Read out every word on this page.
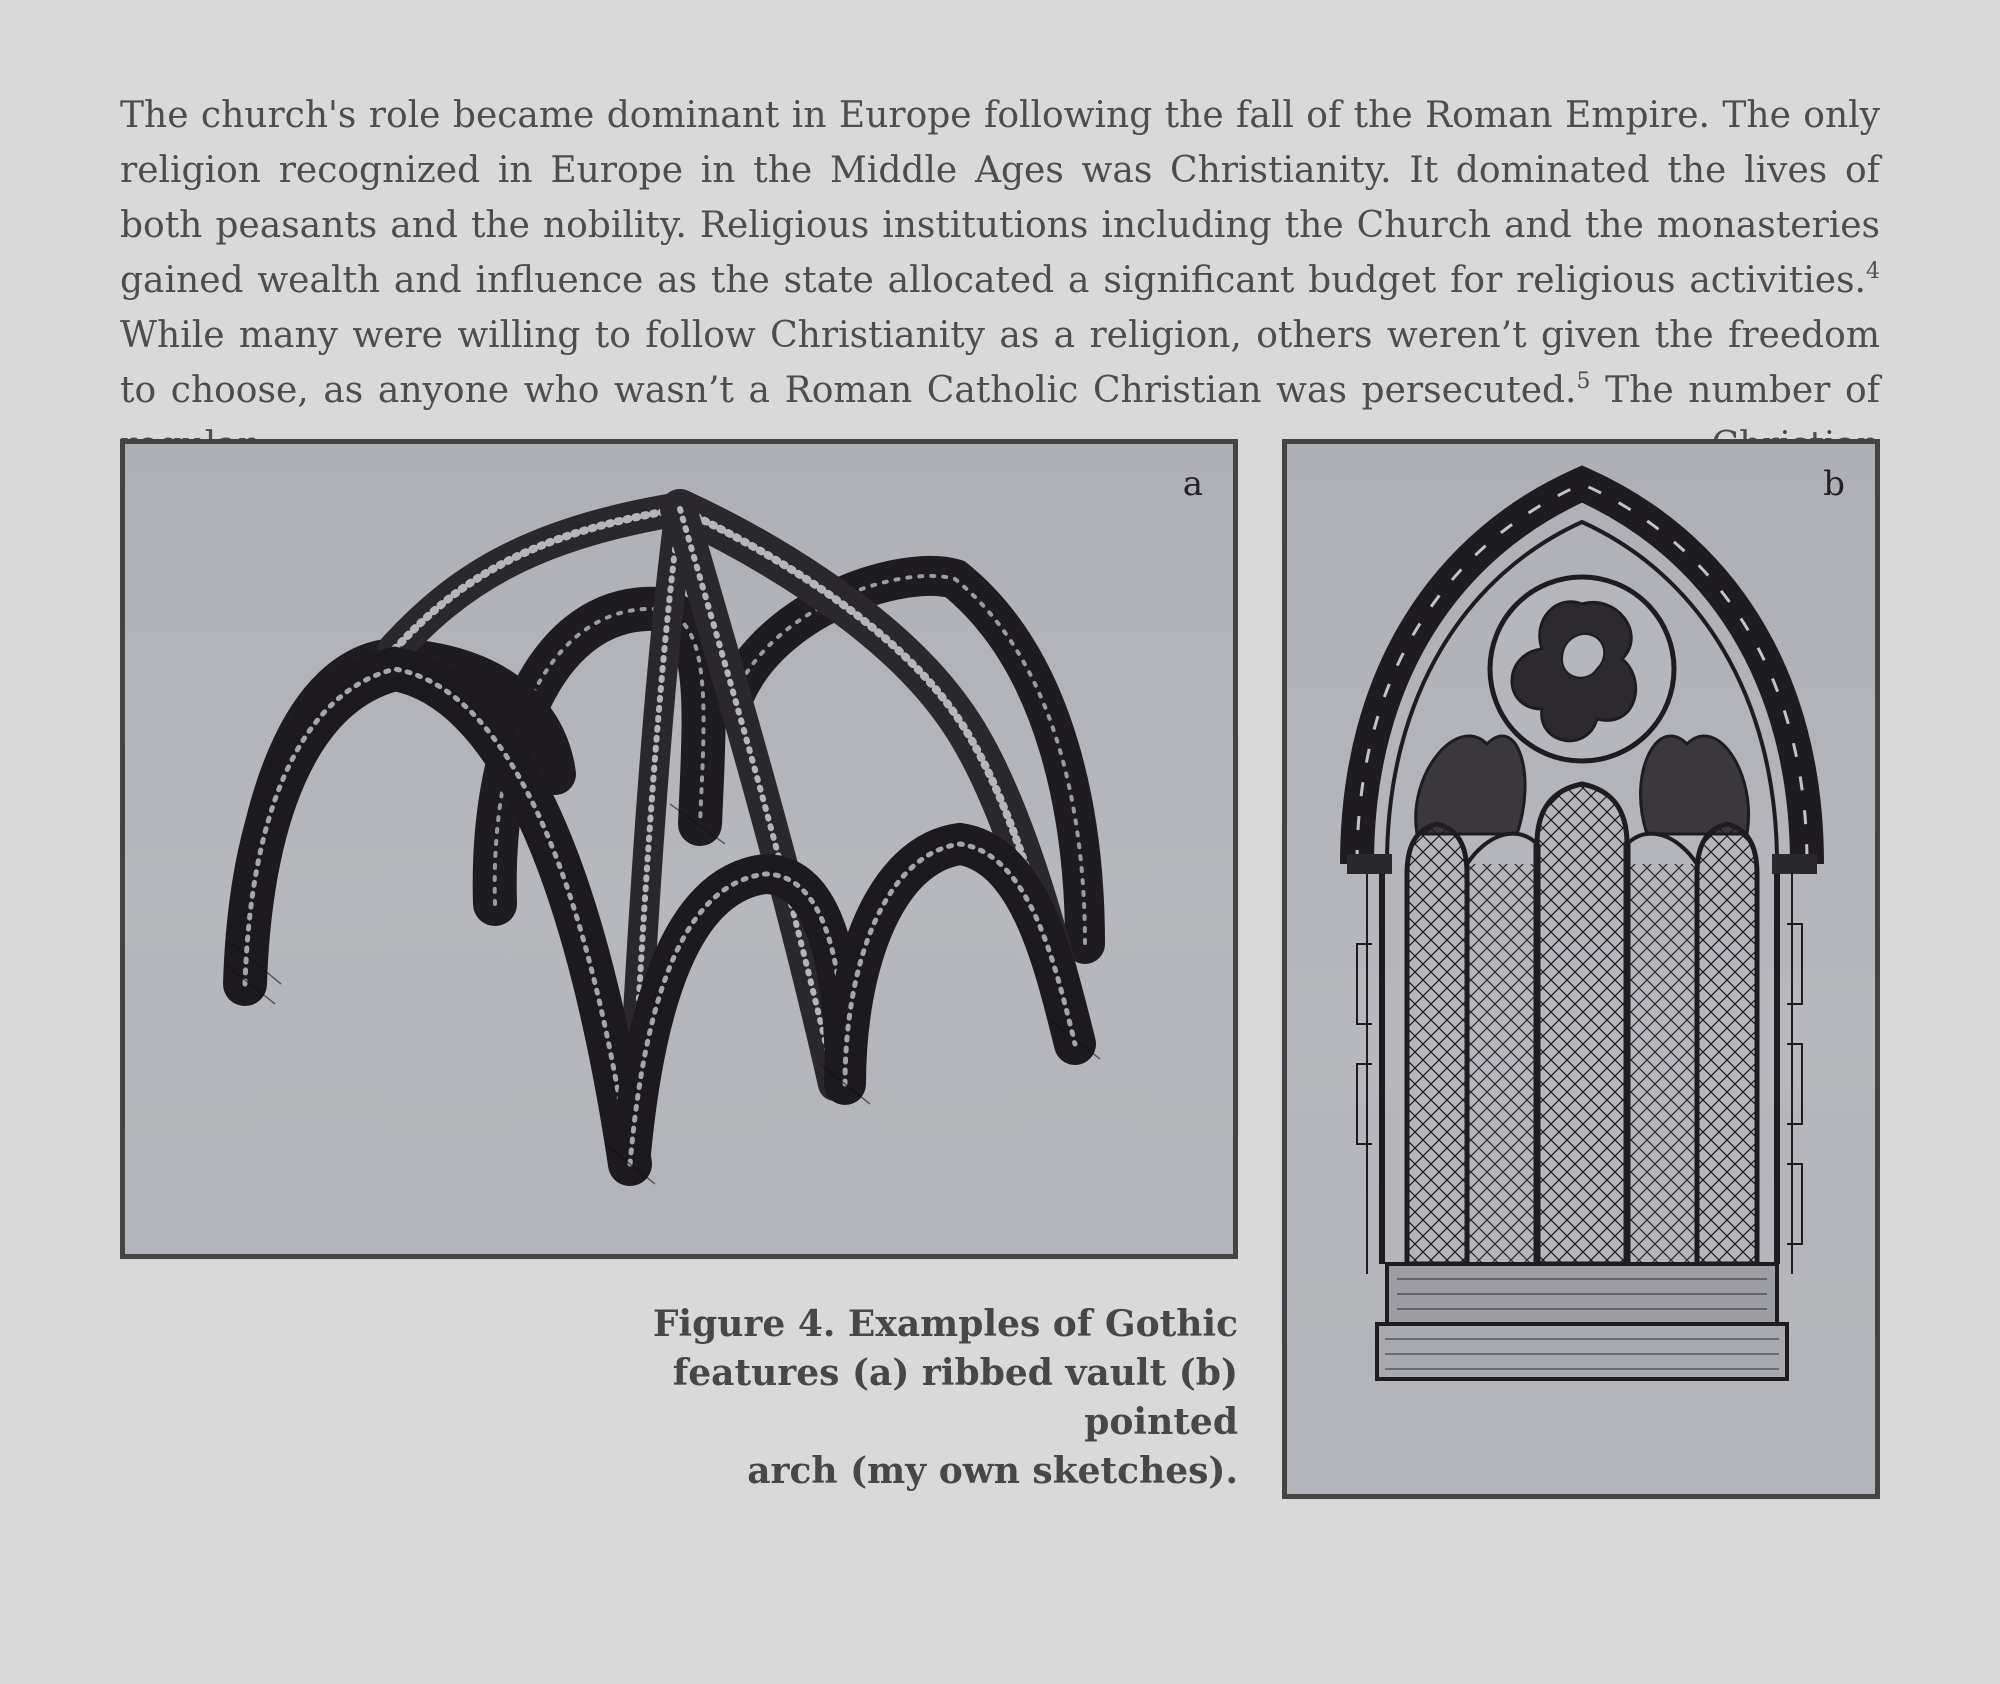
The church's role became dominant in Europe following the fall of the Roman Empire. The only religion recognized in Europe in the Middle Ages was Christianity. It dominated the lives of both peasants and the nobility. Religious institutions including the Church and the monasteries gained wealth and influence as the state allocated a significant budget for religious activities.$^4$ While many were willing to follow Christianity as a religion, others weren’t given the freedom to choose, as anyone who wasn’t a Roman Catholic Christian was persecuted.$^5$ The number of

a	b

Figure 4. Examples of Gothic
features (a) ribbed vault (b) pointed
arch (my own sketches).
